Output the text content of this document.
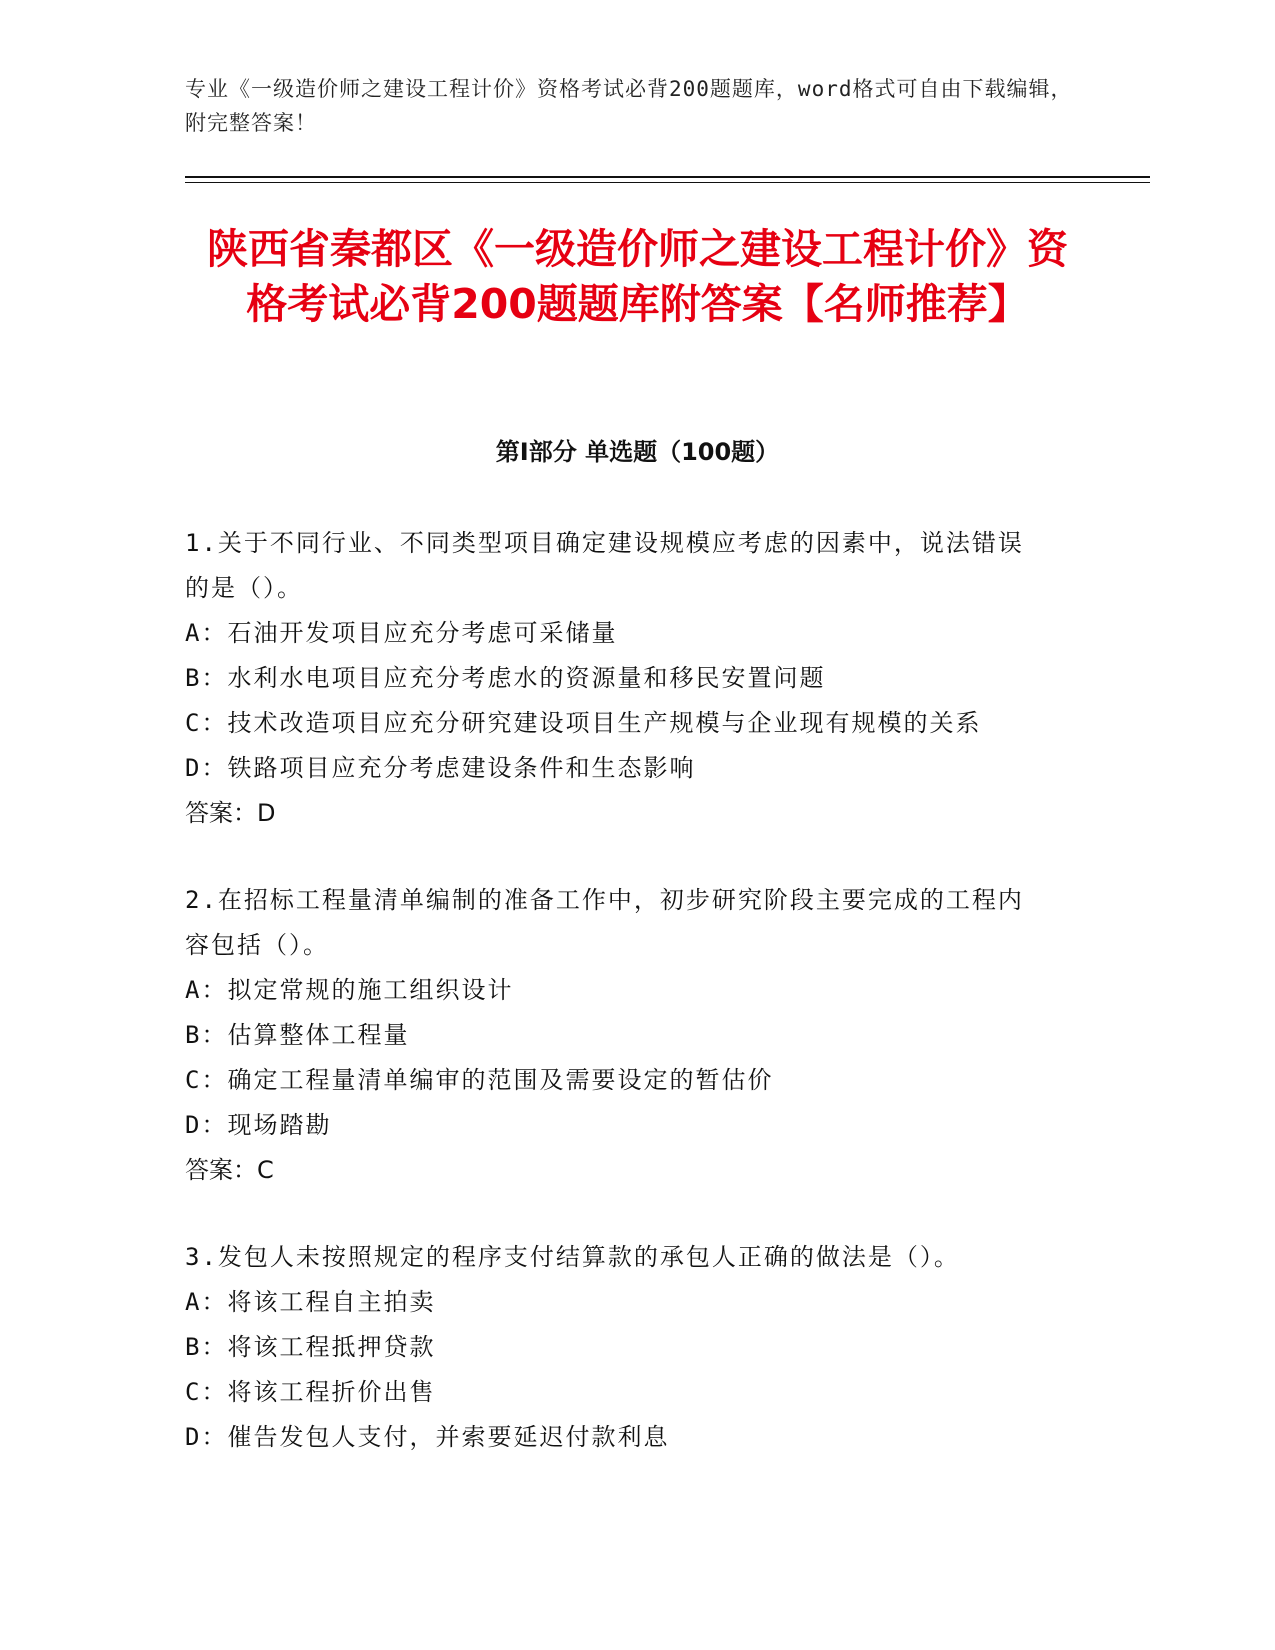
专业《一级造价师之建设工程计价》资格考试必背200题题库，word格式可自由下载编辑，附完整答案！

陕西省秦都区《一级造价师之建设工程计价》资格考试必背200题题库附答案【名师推荐】
第Ⅰ部分 单选题（100题）

1.关于不同行业、不同类型项目确定建设规模应考虑的因素中，说法错误的是（）。

A：石油开发项目应充分考虑可采储量

B：水利水电项目应充分考虑水的资源量和移民安置问题

C：技术改造项目应充分研究建设项目生产规模与企业现有规模的关系

D：铁路项目应充分考虑建设条件和生态影响

答案：D

2.在招标工程量清单编制的准备工作中，初步研究阶段主要完成的工程内容包括（）。

A：拟定常规的施工组织设计

B：估算整体工程量

C：确定工程量清单编审的范围及需要设定的暂估价

D：现场踏勘

答案：C

3.发包人未按照规定的程序支付结算款的承包人正确的做法是（）。

A：将该工程自主拍卖

B：将该工程抵押贷款

C：将该工程折价出售

D：催告发包人支付，并索要延迟付款利息
